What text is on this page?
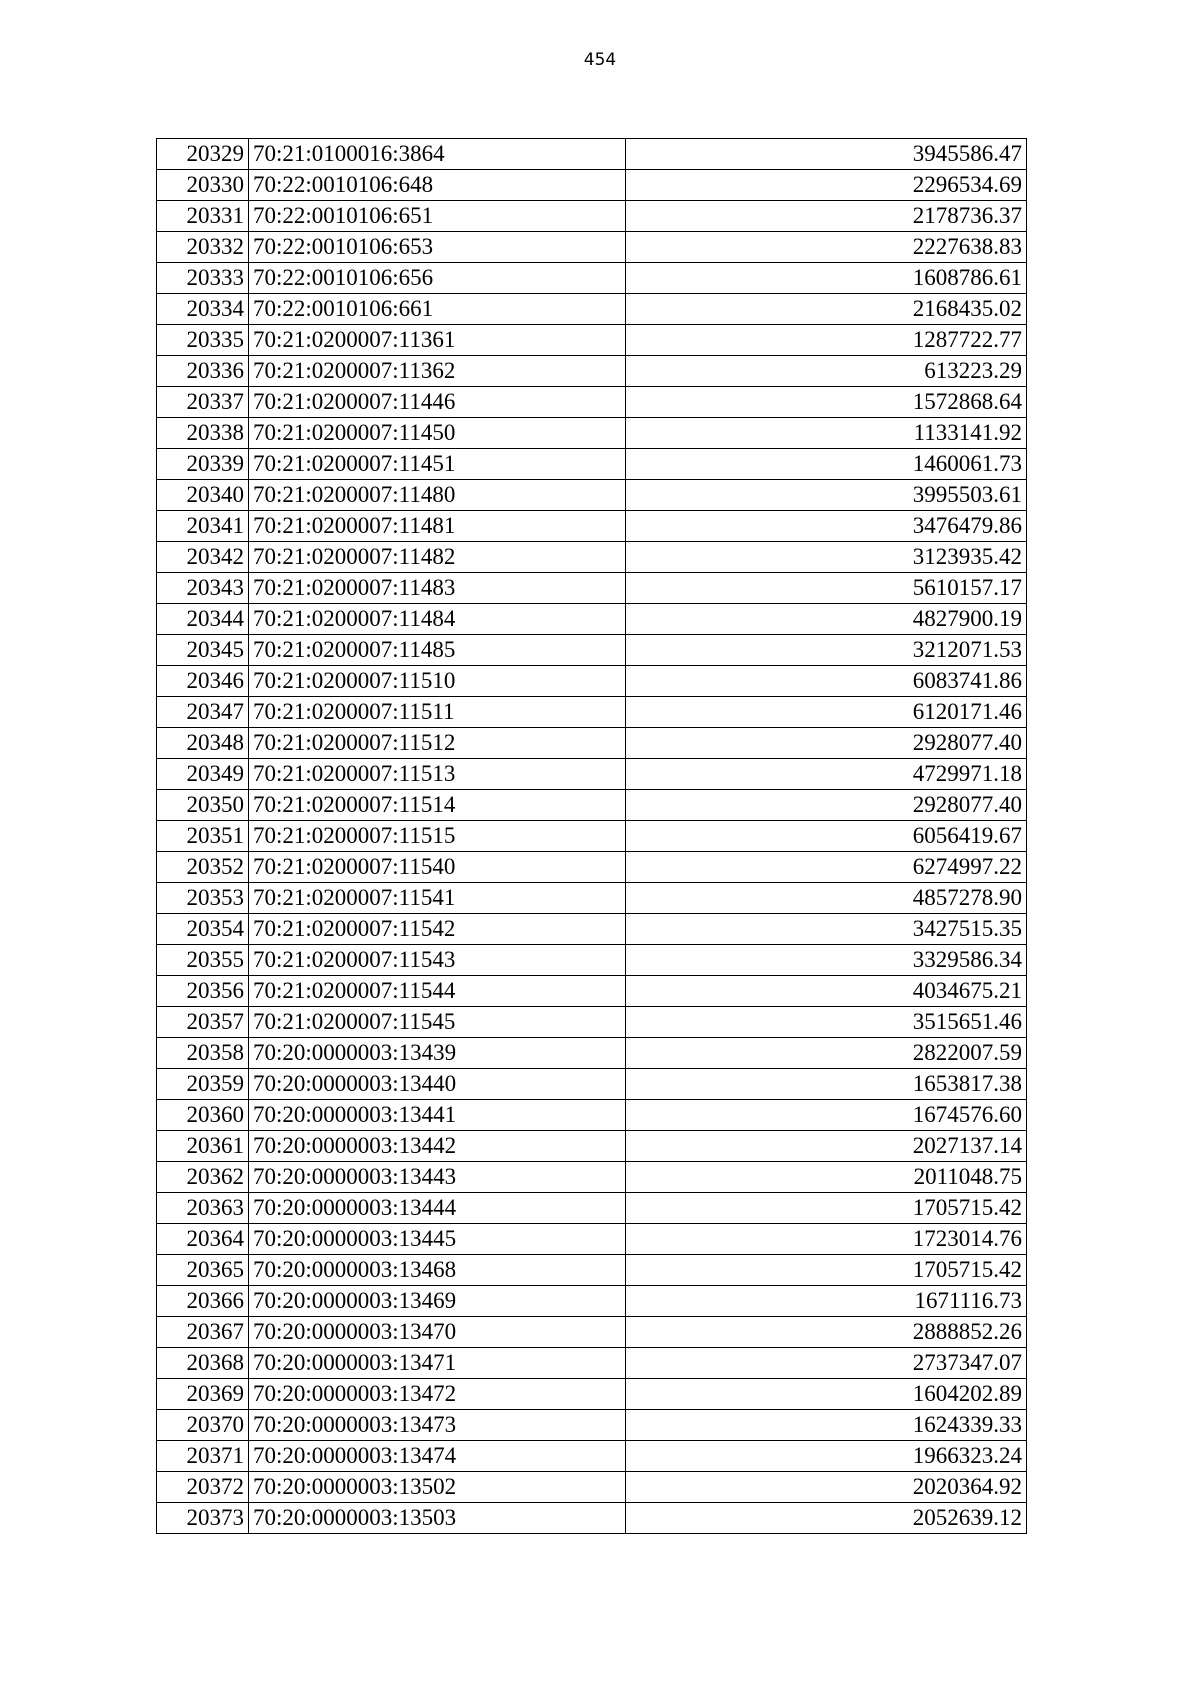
454
20329	70:21:0100016:3864	3945586.47
20330	70:22:0010106:648	2296534.69
20331	70:22:0010106:651	2178736.37
20332	70:22:0010106:653	2227638.83
20333	70:22:0010106:656	1608786.61
20334	70:22:0010106:661	2168435.02
20335	70:21:0200007:11361	1287722.77
20336	70:21:0200007:11362	613223.29
20337	70:21:0200007:11446	1572868.64
20338	70:21:0200007:11450	1133141.92
20339	70:21:0200007:11451	1460061.73
20340	70:21:0200007:11480	3995503.61
20341	70:21:0200007:11481	3476479.86
20342	70:21:0200007:11482	3123935.42
20343	70:21:0200007:11483	5610157.17
20344	70:21:0200007:11484	4827900.19
20345	70:21:0200007:11485	3212071.53
20346	70:21:0200007:11510	6083741.86
20347	70:21:0200007:11511	6120171.46
20348	70:21:0200007:11512	2928077.40
20349	70:21:0200007:11513	4729971.18
20350	70:21:0200007:11514	2928077.40
20351	70:21:0200007:11515	6056419.67
20352	70:21:0200007:11540	6274997.22
20353	70:21:0200007:11541	4857278.90
20354	70:21:0200007:11542	3427515.35
20355	70:21:0200007:11543	3329586.34
20356	70:21:0200007:11544	4034675.21
20357	70:21:0200007:11545	3515651.46
20358	70:20:0000003:13439	2822007.59
20359	70:20:0000003:13440	1653817.38
20360	70:20:0000003:13441	1674576.60
20361	70:20:0000003:13442	2027137.14
20362	70:20:0000003:13443	2011048.75
20363	70:20:0000003:13444	1705715.42
20364	70:20:0000003:13445	1723014.76
20365	70:20:0000003:13468	1705715.42
20366	70:20:0000003:13469	1671116.73
20367	70:20:0000003:13470	2888852.26
20368	70:20:0000003:13471	2737347.07
20369	70:20:0000003:13472	1604202.89
20370	70:20:0000003:13473	1624339.33
20371	70:20:0000003:13474	1966323.24
20372	70:20:0000003:13502	2020364.92
20373	70:20:0000003:13503	2052639.12
